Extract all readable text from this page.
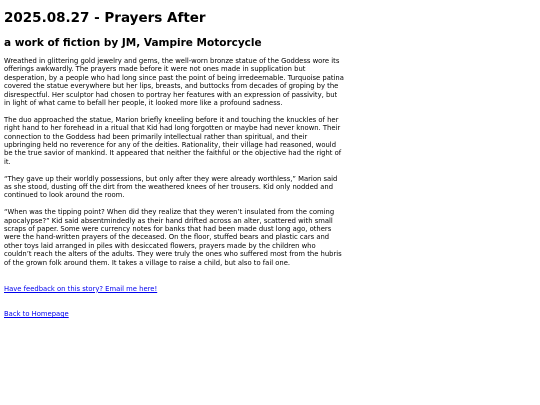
2025.08.27 - Prayers After
a work of fiction by JM, Vampire Motorcycle

Wreathed in glittering gold jewelry and gems, the well-worn bronze statue of the Goddess wore its offerings awkwardly. The prayers made before it were not ones made in supplication but desperation, by a people who had long since past the point of being irredeemable. Turquoise patina covered the statue everywhere but her lips, breasts, and buttocks from decades of groping by the disrespectful. Her sculptor had chosen to portray her features with an expression of passivity, but in light of what came to befall her people, it looked more like a profound sadness.

The duo approached the statue, Marion briefly kneeling before it and touching the knuckles of her right hand to her forehead in a ritual that Kid had long forgotten or maybe had never known. Their connection to the Goddess had been primarily intellectual rather than spiritual, and their upbringing held no reverence for any of the deities. Rationality, their village had reasoned, would be the true savior of mankind. It appeared that neither the faithful or the objective had the right of it.

“They gave up their worldly possessions, but only after they were already worthless,” Marion said as she stood, dusting off the dirt from the weathered knees of her trousers. Kid only nodded and continued to look around the room.

“When was the tipping point? When did they realize that they weren’t insulated from the coming apocalypse?” Kid said absentmindedly as their hand drifted across an alter, scattered with small scraps of paper. Some were currency notes for banks that had been made dust long ago, others were the hand-written prayers of the deceased. On the floor, stuffed bears and plastic cars and other toys laid arranged in piles with desiccated flowers, prayers made by the children who couldn’t reach the alters of the adults. They were truly the ones who suffered most from the hubris of the grown folk around them. It takes a village to raise a child, but also to fail one.

Have feedback on this story? Email me here!
Back to Homepage
